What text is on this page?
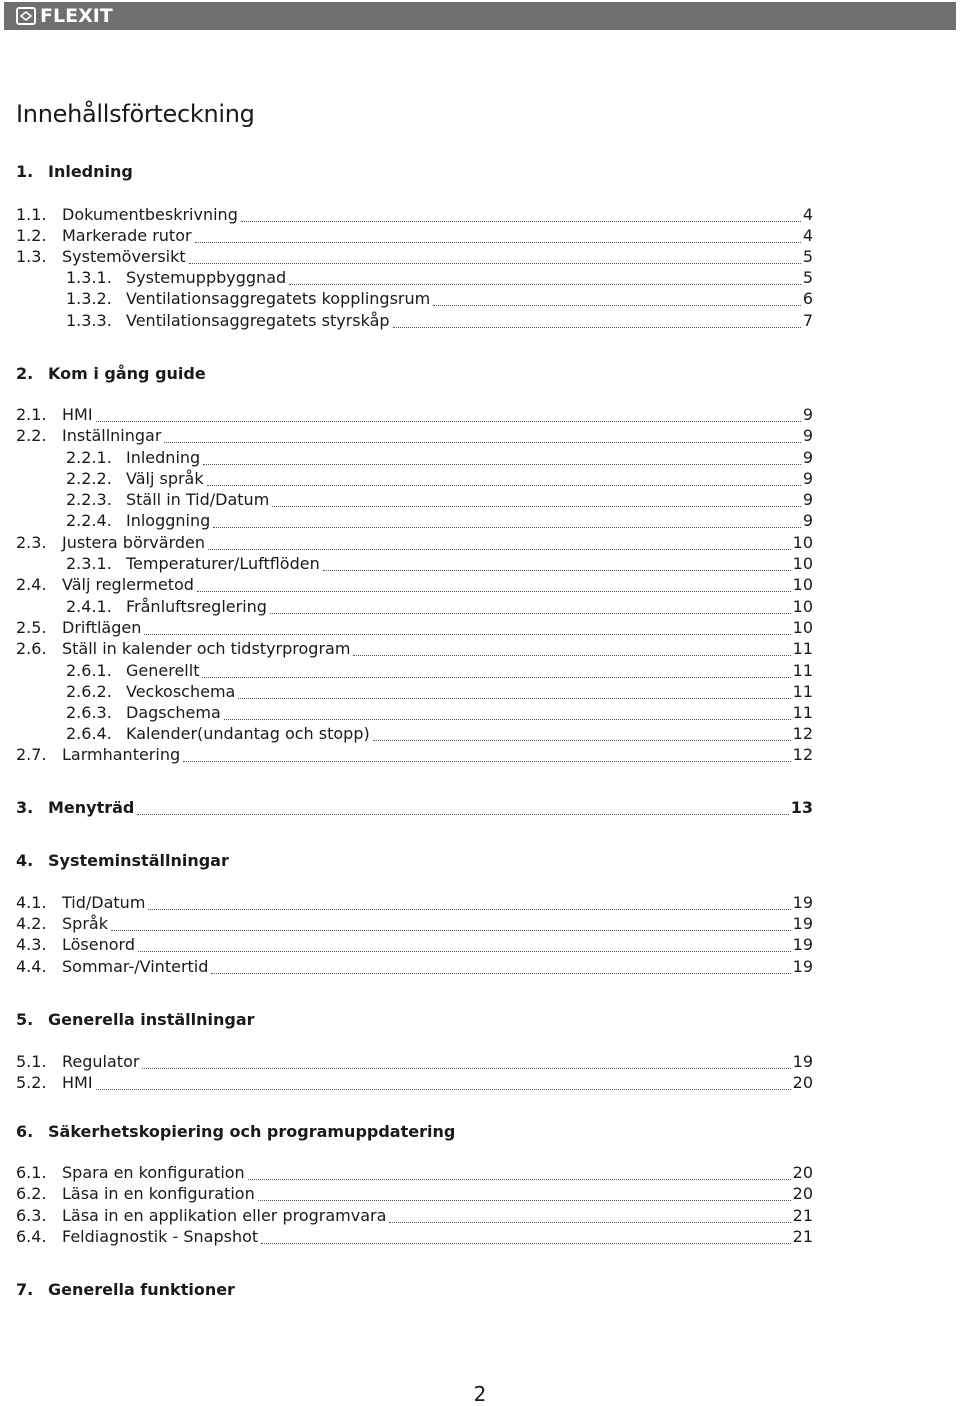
FLEXIT
Innehållsförteckning
1. Inledning
1.1. Dokumentbeskrivning	4
1.2. Markerade rutor	4
1.3. Systemöversikt	5
1.3.1. Systemuppbyggnad	5
1.3.2. Ventilationsaggregatets kopplingsrum	6
1.3.3. Ventilationsaggregatets styrskåp	7
2. Kom i gång guide
2.1. HMI	9
2.2. Inställningar	9
2.2.1. Inledning	9
2.2.2. Välj språk	9
2.2.3. Ställ in Tid/Datum	9
2.2.4. Inloggning	9
2.3. Justera börvärden	10
2.3.1. Temperaturer/Luftflöden	10
2.4. Välj reglermetod	10
2.4.1. Frånluftsreglering	10
2.5. Driftlägen	10
2.6. Ställ in kalender och tidstyrprogram	11
2.6.1. Generellt	11
2.6.2. Veckoschema	11
2.6.3. Dagschema	11
2.6.4. Kalender(undantag och stopp)	12
2.7. Larmhantering	12
3. Menyträd	13
4. Systeminställningar
4.1. Tid/Datum	19
4.2. Språk	19
4.3. Lösenord	19
4.4. Sommar-/Vintertid	19
5. Generella inställningar
5.1. Regulator	19
5.2. HMI	20
6. Säkerhetskopiering och programuppdatering
6.1. Spara en konfiguration	20
6.2. Läsa in en konfiguration	20
6.3. Läsa in en applikation eller programvara	21
6.4. Feldiagnostik - Snapshot	21
7. Generella funktioner
2
